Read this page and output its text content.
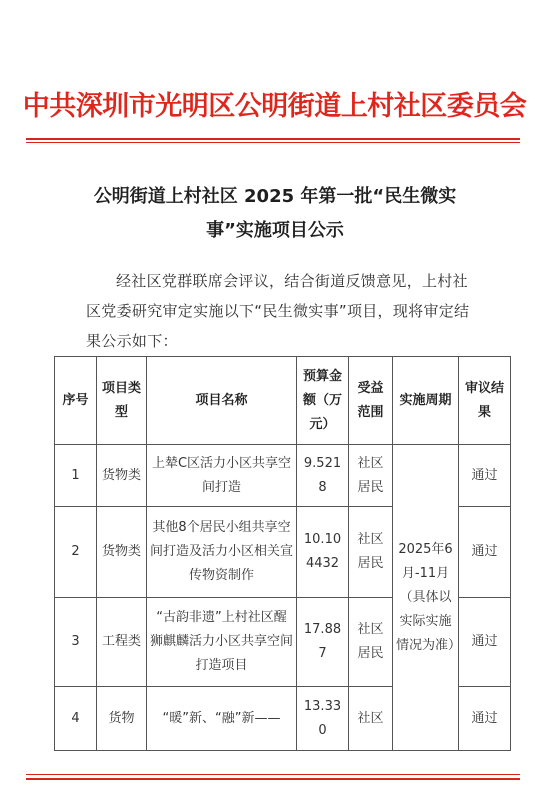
中共深圳市光明区公明街道上村社区委员会
公明街道上村社区 2025 年第一批“民生微实事”实施项目公示
经社区党群联席会评议，结合街道反馈意见，上村社区党委研究审定实施以下“民生微实事”项目，现将审定结果公示如下：
序号	项目类型	项目名称	预算金额（万元）	受益范围	实施周期	审议结果
1	货物类	上辇C区活力小区共享空间打造	9.5218	社区居民	2025年6月-11月（具体以实际实施情况为准）	通过
2	货物类	其他8个居民小组共享空间打造及活力小区相关宣传物资制作	10.104432	社区居民		通过
3	工程类	“古韵非遗”上村社区醒狮麒麟活力小区共享空间打造项目	17.887	社区居民		通过
4	货物	“暖”新、“融”新——	13.330	社区		通过
